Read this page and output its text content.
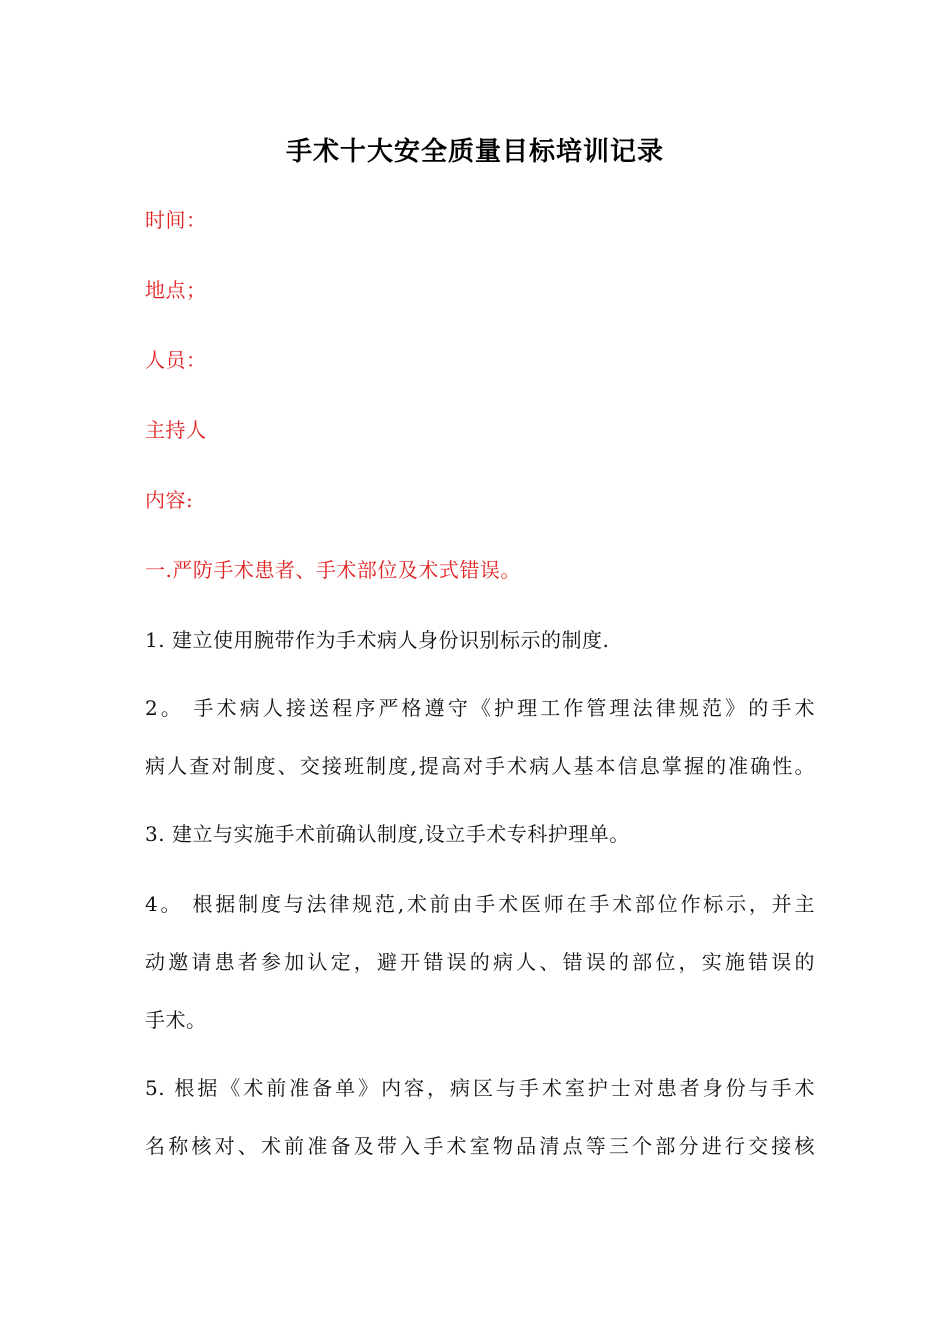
手术十大安全质量目标培训记录
时间：
地点；
人员：
主持人
内容:
一.严防手术患者、手术部位及术式错误。
1. 建立使用腕带作为手术病人身份识别标示的制度.
2。 手术病人接送程序严格遵守《护理工作管理法律规范》的手术
病人查对制度、交接班制度,提高对手术病人基本信息掌握的准确性。
3. 建立与实施手术前确认制度,设立手术专科护理单。
4。 根据制度与法律规范,术前由手术医师在手术部位作标示，并主
动邀请患者参加认定，避开错误的病人、错误的部位，实施错误的
手术。
5. 根据《术前准备单》内容，病区与手术室护士对患者身份与手术
名称核对、术前准备及带入手术室物品清点等三个部分进行交接核
